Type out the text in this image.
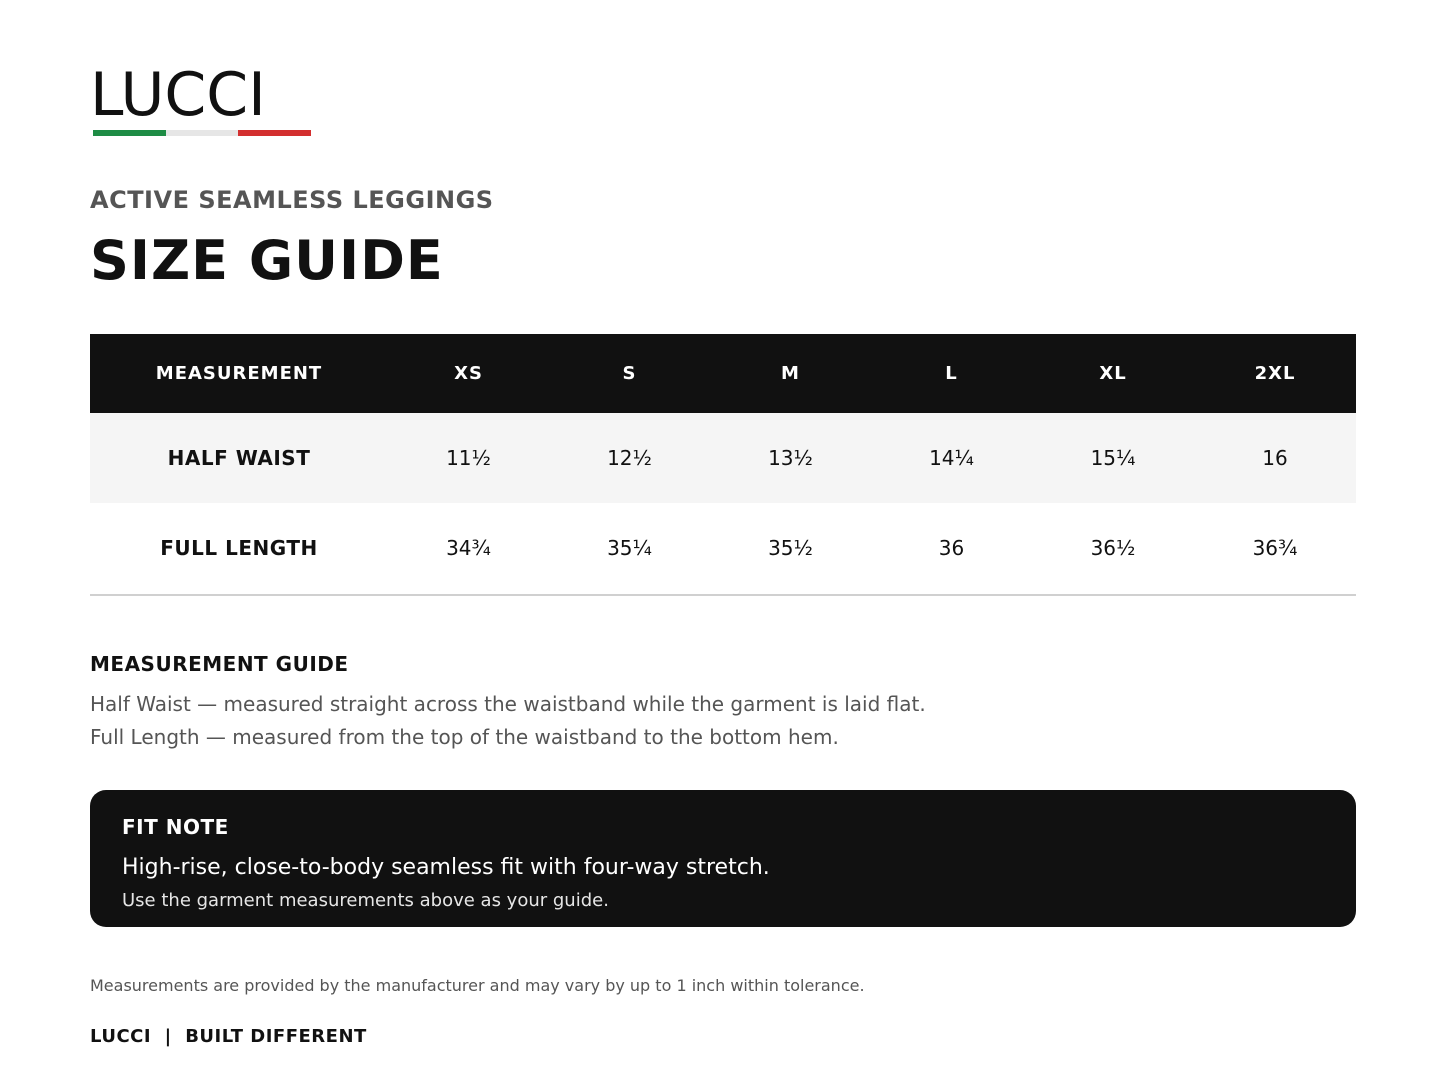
LUCCI
ACTIVE SEAMLESS LEGGINGS
SIZE GUIDE
MEASUREMENT	XS	S	M	L	XL	2XL
HALF WAIST	11½	12½	13½	14¼	15¼	16
FULL LENGTH	34¾	35¼	35½	36	36½	36¾
MEASUREMENT GUIDE
Half Waist — measured straight across the waistband while the garment is laid flat.
Full Length — measured from the top of the waistband to the bottom hem.
FIT NOTE
High-rise, close-to-body seamless fit with four-way stretch.
Use the garment measurements above as your guide.
Measurements are provided by the manufacturer and may vary by up to 1 inch within tolerance.
LUCCI  |  BUILT DIFFERENT
